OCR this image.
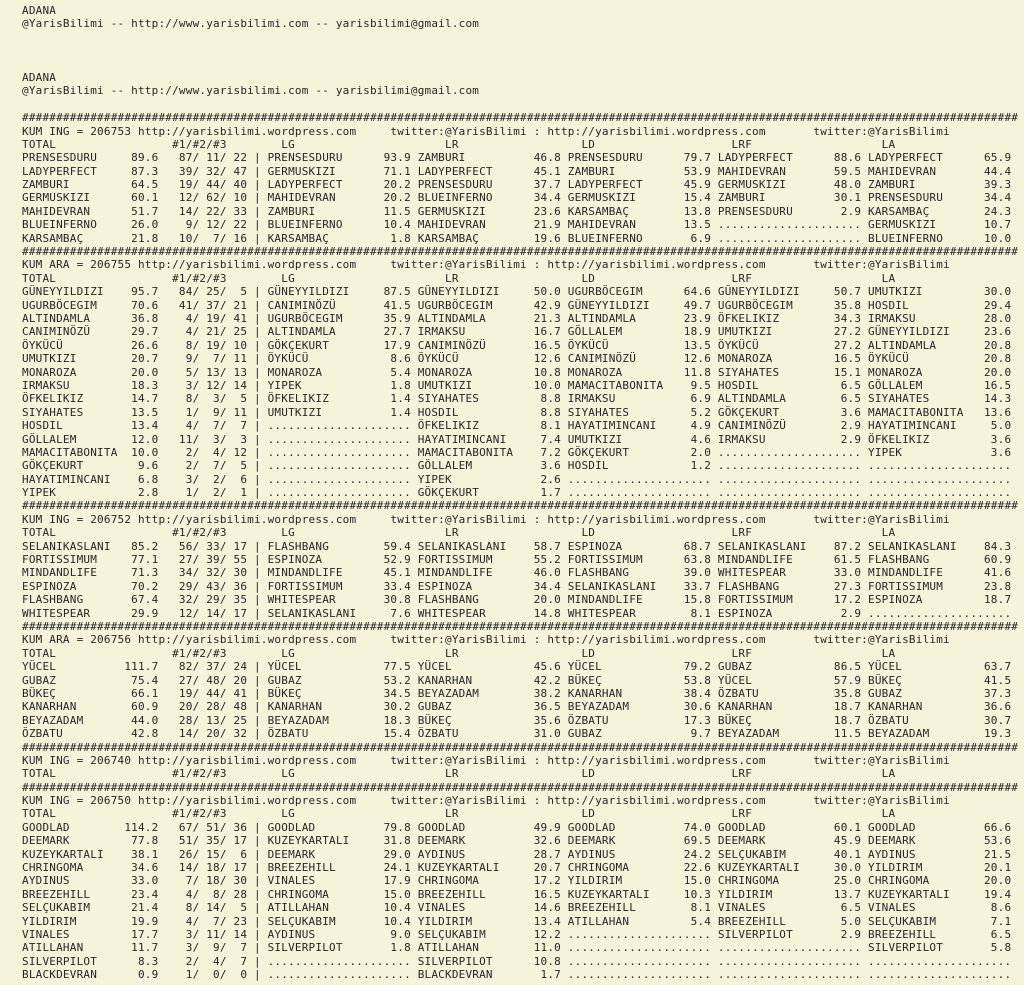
ADANA
@YarisBilimi -- http://www.yarisbilimi.com -- yarisbilimi@gmail.com
ADANA
@YarisBilimi -- http://www.yarisbilimi.com -- yarisbilimi@gmail.com
##################################################################################################################################################
KUM ING = 206753 http://yarisbilimi.wordpress.com     twitter:@YarisBilimi : http://yarisbilimi.wordpress.com       twitter:@YarisBilimi
TOTAL                 #1/#2/#3        LG                      LR                  LD                    LRF                   LA
PRENSESDURU     89.6   87/ 11/ 22 | PRENSESDURU      93.9 ZAMBURI          46.8 PRENSESDURU      79.7 LADYPERFECT      88.6 LADYPERFECT      65.9
LADYPERFECT     87.3   39/ 32/ 47 | GERMUSKIZI       71.1 LADYPERFECT      45.1 ZAMBURI          53.9 MAHIDEVRAN       59.5 MAHIDEVRAN       44.4
ZAMBURI         64.5   19/ 44/ 40 | LADYPERFECT      20.2 PRENSESDURU      37.7 LADYPERFECT      45.9 GERMUSKIZI       48.0 ZAMBURI          39.3
GERMUSKIZI      60.1   12/ 62/ 10 | MAHIDEVRAN       20.2 BLUEINFERNO      34.4 GERMUSKIZI       15.4 ZAMBURI          30.1 PRENSESDURU      34.4
MAHIDEVRAN      51.7   14/ 22/ 33 | ZAMBURI          11.5 GERMUSKIZI       23.6 KARSAMBAÇ        13.8 PRENSESDURU       2.9 KARSAMBAÇ        24.3
BLUEINFERNO     26.0    9/ 12/ 22 | BLUEINFERNO      10.4 MAHIDEVRAN       21.9 MAHIDEVRAN       13.5 ..................... GERMUSKIZI       10.7
KARSAMBAÇ       21.8   10/  7/ 16 | KARSAMBAÇ         1.8 KARSAMBAÇ        19.6 BLUEINFERNO       6.9 ..................... BLUEINFERNO      10.0
##################################################################################################################################################
KUM ARA = 206755 http://yarisbilimi.wordpress.com     twitter:@YarisBilimi : http://yarisbilimi.wordpress.com       twitter:@YarisBilimi
TOTAL                 #1/#2/#3        LG                      LR                  LD                    LRF                   LA
GÜNEYYILDIZI    95.7   84/ 25/  5 | GÜNEYYILDIZI     87.5 GÜNEYYILDIZI     50.0 UGURBÖCEGIM      64.6 GÜNEYYILDIZI     50.7 UMUTKIZI         30.0
UGURBÖCEGIM     70.6   41/ 37/ 21 | CANIMINÖZÜ       41.5 UGURBÖCEGIM      42.9 GÜNEYYILDIZI     49.7 UGURBÖCEGIM      35.8 HOSDIL           29.4
ALTINDAMLA      36.8    4/ 19/ 41 | UGURBÖCEGIM      35.9 ALTINDAMLA       21.3 ALTINDAMLA       23.9 ÖFKELIKIZ        34.3 IRMAKSU          28.0
CANIMINÖZÜ      29.7    4/ 21/ 25 | ALTINDAMLA       27.7 IRMAKSU          16.7 GÖLLALEM         18.9 UMUTKIZI         27.2 GÜNEYYILDIZI     23.6
ÖYKÜCÜ          26.6    8/ 19/ 10 | GÖKÇEKURT        17.9 CANIMINÖZÜ       16.5 ÖYKÜCÜ           13.5 ÖYKÜCÜ           27.2 ALTINDAMLA       20.8
UMUTKIZI        20.7    9/  7/ 11 | ÖYKÜCÜ            8.6 ÖYKÜCÜ           12.6 CANIMINÖZÜ       12.6 MONAROZA         16.5 ÖYKÜCÜ           20.8
MONAROZA        20.0    5/ 13/ 13 | MONAROZA          5.4 MONAROZA         10.8 MONAROZA         11.8 SIYAHATES        15.1 MONAROZA         20.0
IRMAKSU         18.3    3/ 12/ 14 | YIPEK             1.8 UMUTKIZI         10.0 MAMACITABONITA    9.5 HOSDIL            6.5 GÖLLALEM         16.5
ÖFKELIKIZ       14.7    8/  3/  5 | ÖFKELIKIZ         1.4 SIYAHATES         8.8 IRMAKSU           6.9 ALTINDAMLA        6.5 SIYAHATES        14.3
SIYAHATES       13.5    1/  9/ 11 | UMUTKIZI          1.4 HOSDIL            8.8 SIYAHATES         5.2 GÖKÇEKURT         3.6 MAMACITABONITA   13.6
HOSDIL          13.4    4/  7/  7 | ..................... ÖFKELIKIZ         8.1 HAYATIMINCANI     4.9 CANIMINÖZÜ        2.9 HAYATIMINCANI     5.0
GÖLLALEM        12.0   11/  3/  3 | ..................... HAYATIMINCANI     7.4 UMUTKIZI          4.6 IRMAKSU           2.9 ÖFKELIKIZ         3.6
MAMACITABONITA  10.0    2/  4/ 12 | ..................... MAMACITABONITA    7.2 GÖKÇEKURT         2.0 ..................... YIPEK             3.6
GÖKÇEKURT        9.6    2/  7/  5 | ..................... GÖLLALEM          3.6 HOSDIL            1.2 ..................... .....................
HAYATIMINCANI    6.8    3/  2/  6 | ..................... YIPEK             2.6 ..................... ..................... .....................
YIPEK            2.8    1/  2/  1 | ..................... GÖKÇEKURT         1.7 ..................... ..................... .....................
##################################################################################################################################################
KUM ING = 206752 http://yarisbilimi.wordpress.com     twitter:@YarisBilimi : http://yarisbilimi.wordpress.com       twitter:@YarisBilimi
TOTAL                 #1/#2/#3        LG                      LR                  LD                    LRF                   LA
SELANIKASLANI   85.2   56/ 33/ 17 | FLASHBANG        59.4 SELANIKASLANI    58.7 ESPINOZA         68.7 SELANIKASLANI    87.2 SELANIKASLANI    84.3
FORTISSIMUM     77.1   27/ 39/ 55 | ESPINOZA         52.9 FORTISSIMUM      55.2 FORTISSIMUM      63.8 MINDANDLIFE      61.5 FLASHBANG        60.9
MINDANDLIFE     71.3   34/ 32/ 30 | MINDANDLIFE      45.1 MINDANDLIFE      46.0 FLASHBANG        39.0 WHITESPEAR       33.0 MINDANDLIFE      41.6
ESPINOZA        70.2   29/ 43/ 36 | FORTISSIMUM      33.4 ESPINOZA         34.4 SELANIKASLANI    33.7 FLASHBANG        27.3 FORTISSIMUM      23.8
FLASHBANG       67.4   32/ 29/ 35 | WHITESPEAR       30.8 FLASHBANG        20.0 MINDANDLIFE      15.8 FORTISSIMUM      17.2 ESPINOZA         18.7
WHITESPEAR      29.9   12/ 14/ 17 | SELANIKASLANI     7.6 WHITESPEAR       14.8 WHITESPEAR        8.1 ESPINOZA          2.9 .....................
##################################################################################################################################################
KUM ARA = 206756 http://yarisbilimi.wordpress.com     twitter:@YarisBilimi : http://yarisbilimi.wordpress.com       twitter:@YarisBilimi
TOTAL                 #1/#2/#3        LG                      LR                  LD                    LRF                   LA
YÜCEL          111.7   82/ 37/ 24 | YÜCEL            77.5 YÜCEL            45.6 YÜCEL            79.2 GUBAZ            86.5 YÜCEL            63.7
GUBAZ           75.4   27/ 48/ 20 | GUBAZ            53.2 KANARHAN         42.2 BÜKEÇ            53.8 YÜCEL            57.9 BÜKEÇ            41.5
BÜKEÇ           66.1   19/ 44/ 41 | BÜKEÇ            34.5 BEYAZADAM        38.2 KANARHAN         38.4 ÖZBATU           35.8 GUBAZ            37.3
KANARHAN        60.9   20/ 28/ 48 | KANARHAN         30.2 GUBAZ            36.5 BEYAZADAM        30.6 KANARHAN         18.7 KANARHAN         36.6
BEYAZADAM       44.0   28/ 13/ 25 | BEYAZADAM        18.3 BÜKEÇ            35.6 ÖZBATU           17.3 BÜKEÇ            18.7 ÖZBATU           30.7
ÖZBATU          42.8   14/ 20/ 32 | ÖZBATU           15.4 ÖZBATU           31.0 GUBAZ             9.7 BEYAZADAM        11.5 BEYAZADAM        19.3
##################################################################################################################################################
KUM ING = 206740 http://yarisbilimi.wordpress.com     twitter:@YarisBilimi : http://yarisbilimi.wordpress.com       twitter:@YarisBilimi
TOTAL                 #1/#2/#3        LG                      LR                  LD                    LRF                   LA
##################################################################################################################################################
KUM ING = 206750 http://yarisbilimi.wordpress.com     twitter:@YarisBilimi : http://yarisbilimi.wordpress.com       twitter:@YarisBilimi
TOTAL                 #1/#2/#3        LG                      LR                  LD                    LRF                   LA
GOODLAD        114.2   67/ 51/ 36 | GOODLAD          79.8 GOODLAD          49.9 GOODLAD          74.0 GOODLAD          60.1 GOODLAD          66.6
DEEMARK         77.8   51/ 35/ 17 | KUZEYKARTALI     31.8 DEEMARK          32.6 DEEMARK          69.5 DEEMARK          45.9 DEEMARK          53.6
KUZEYKARTALI    38.1   26/ 15/  6 | DEEMARK          29.0 AYDINUS          28.7 AYDINUS          24.2 SELÇUKABIM       40.1 AYDINUS          21.5
CHRINGOMA       34.6   14/ 18/ 17 | BREEZEHILL       24.1 KUZEYKARTALI     20.7 CHRINGOMA        22.6 KUZEYKARTALI     30.0 YILDIRIM         20.1
AYDINUS         33.0    7/ 18/ 30 | VINALES          17.9 CHRINGOMA        17.2 YILDIRIM         15.0 CHRINGOMA        25.0 CHRINGOMA        20.0
BREEZEHILL      23.4    4/  8/ 28 | CHRINGOMA        15.0 BREEZEHILL       16.5 KUZEYKARTALI     10.3 YILDIRIM         13.7 KUZEYKARTALI     19.4
SELÇUKABIM      21.4    8/ 14/  5 | ATILLAHAN        10.4 VINALES          14.6 BREEZEHILL        8.1 VINALES           6.5 VINALES           8.6
YILDIRIM        19.9    4/  7/ 23 | SELÇUKABIM       10.4 YILDIRIM         13.4 ATILLAHAN         5.4 BREEZEHILL        5.0 SELÇUKABIM        7.1
VINALES         17.7    3/ 11/ 14 | AYDINUS           9.0 SELÇUKABIM       12.2 ..................... SILVERPILOT       2.9 BREEZEHILL        6.5
ATILLAHAN       11.7    3/  9/  7 | SILVERPILOT       1.8 ATILLAHAN        11.0 ..................... ..................... SILVERPILOT       5.8
SILVERPILOT      8.3    2/  4/  7 | ..................... SILVERPILOT      10.8 ..................... ..................... .....................
BLACKDEVRAN      0.9    1/  0/  0 | ..................... BLACKDEVRAN       1.7 ..................... ..................... .....................
